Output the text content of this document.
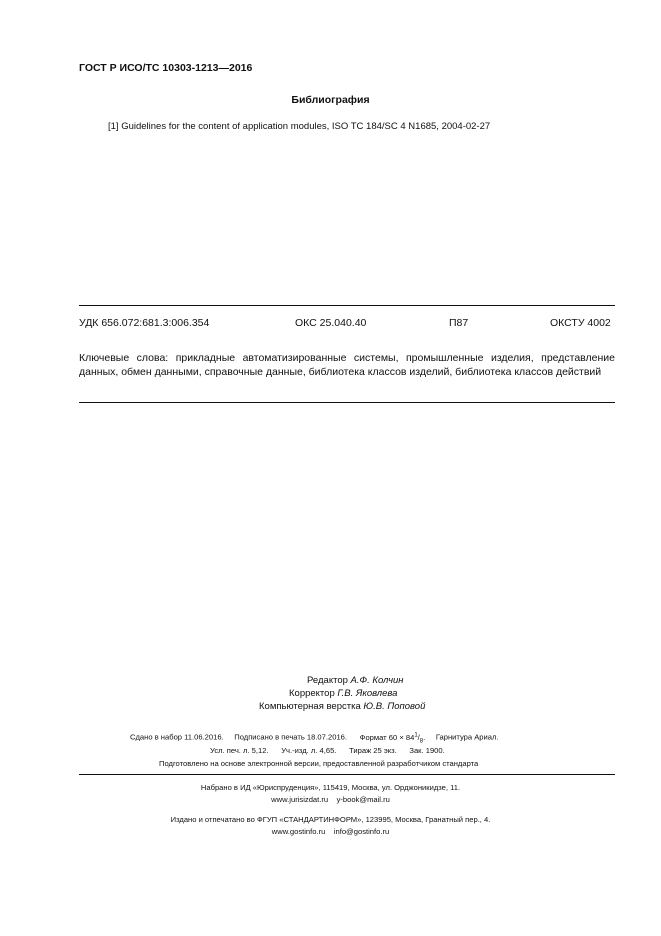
ГОСТ Р ИСО/ТС 10303-1213—2016
Библиография
[1] Guidelines for the content of application modules, ISO TC 184/SC 4 N1685, 2004-02-27
УДК 656.072:681.3:006.354	ОКС 25.040.40	П87	ОКСТУ 4002
Ключевые слова: прикладные автоматизированные системы, промышленные изделия, представление данных, обмен данными, справочные данные, библиотека классов изделий, библиотека классов действий
Редактор А.Ф. Колчин
Корректор Г.В. Яковлева
Компьютерная верстка Ю.В. Поповой
Сдано в набор 11.06.2016. Подписано в печать 18.07.2016. Формат $60 \times 84^1/_8$. Гарнитура Ариал.
Усл. печ. л. 5,12. Уч.-изд. л. 4,65. Тираж 25 экз. Зак. 1900.
Подготовлено на основе электронной версии, предоставленной разработчиком стандарта
Набрано в ИД «Юриспруденция», 115419, Москва, ул. Орджоникидзе, 11.
www.jurisizdat.ru y-book@mail.ru
Издано и отпечатано во ФГУП «СТАНДАРТИНФОРМ», 123995, Москва, Гранатный пер., 4.
www.gostinfo.ru info@gostinfo.ru
